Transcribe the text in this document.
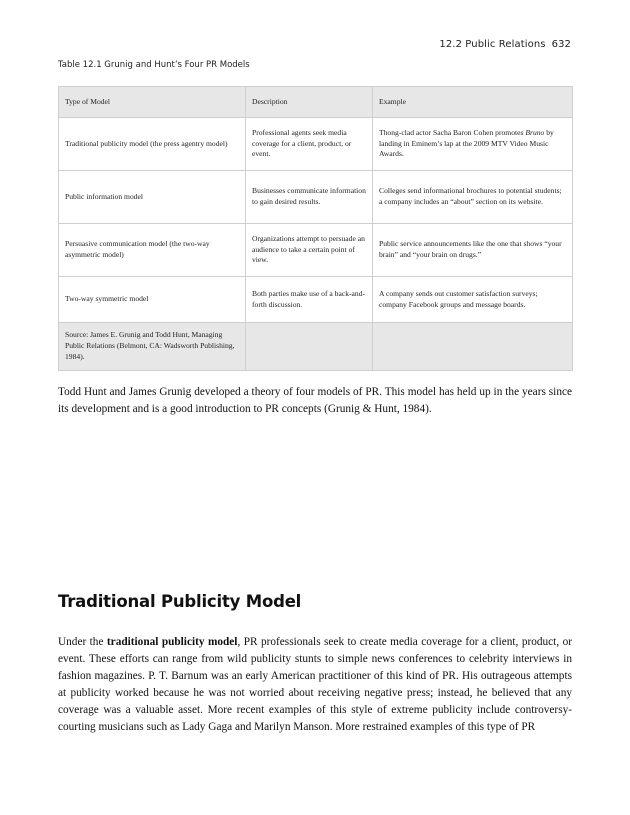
12.2 Public Relations 632
Table 12.1 Grunig and Hunt’s Four PR Models
Type of Model	Description	Example
Traditional publicity model (the press agentry model)	Professional agents seek media coverage for a client, product, or event.	Thong-clad actor Sacha Baron Cohen promotes Bruno by landing in Eminem’s lap at the 2009 MTV Video Music Awards.
Public information model	Businesses communicate information to gain desired results.	Colleges send informational brochures to potential students; a company includes an “about” section on its website.
Persuasive communication model (the two-way asymmetric model)	Organizations attempt to persuade an audience to take a certain point of view.	Public service announcements like the one that shows “your brain” and “your brain on drugs.”
Two-way symmetric model	Both parties make use of a back-and-forth discussion.	A company sends out customer satisfaction surveys; company Facebook groups and message boards.
Source: James E. Grunig and Todd Hunt, Managing Public Relations (Belmont, CA: Wadsworth Publishing, 1984).		

Todd Hunt and James Grunig developed a theory of four models of PR. This model has held up in the years since its development and is a good introduction to PR concepts (Grunig & Hunt, 1984).

Traditional Publicity Model

Under the traditional publicity model, PR professionals seek to create media coverage for a client, product, or event. These efforts can range from wild publicity stunts to simple news conferences to celebrity interviews in fashion magazines. P. T. Barnum was an early American practitioner of this kind of PR. His outrageous attempts at publicity worked because he was not worried about receiving negative press; instead, he believed that any coverage was a valuable asset. More recent examples of this style of extreme publicity include controversy-courting musicians such as Lady Gaga and Marilyn Manson. More restrained examples of this type of PR
